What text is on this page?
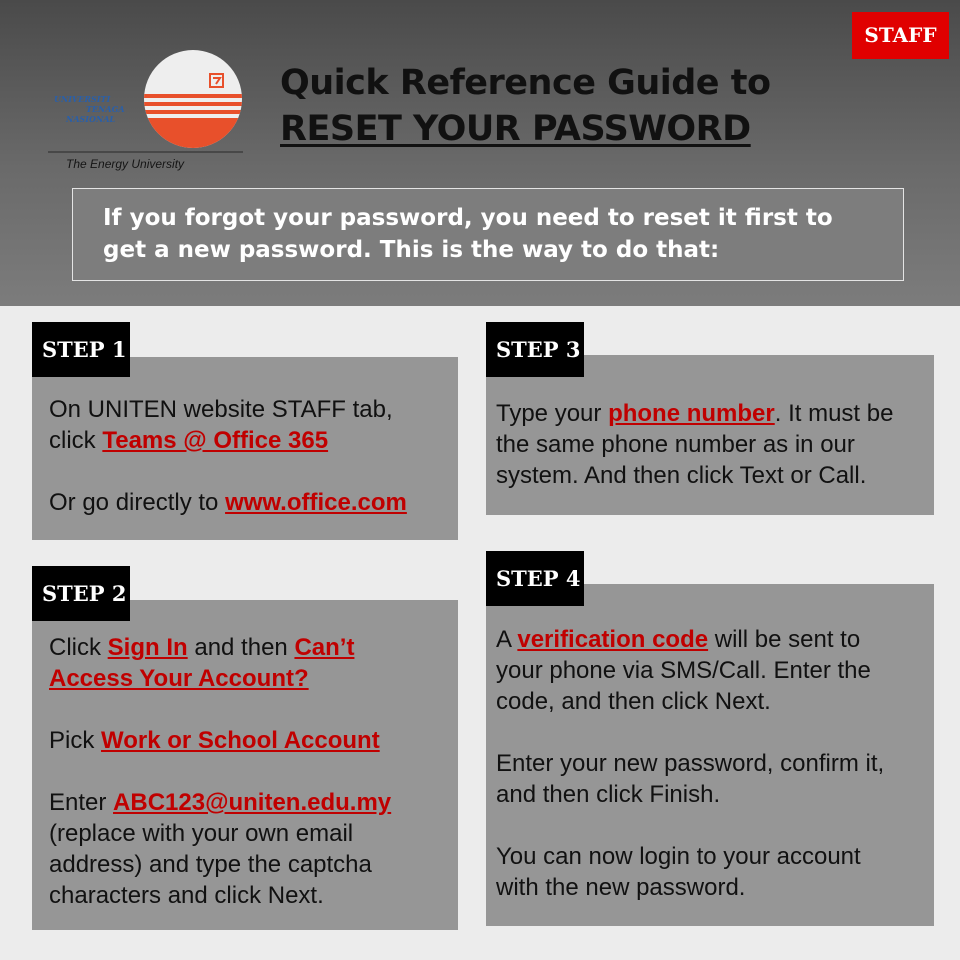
STAFF
UNIVERSITI
TENAGA
NASIONAL
The Energy University
Quick Reference Guide to
RESET YOUR PASSWORD
If you forgot your password, you need to reset it first to get a new password. This is the way to do that:

On UNITEN website STAFF tab, click Teams @ Office 365

Or go directly to www.office.com

STEP 1

Click Sign In and then Can’t Access Your Account?

Pick Work or School Account

Enter ABC123@uniten.edu.my (replace with your own email address) and type the captcha characters and click Next.

STEP 2

Type your phone number. It must be the same phone number as in our system. And then click Text or Call.

STEP 3

A verification code will be sent to your phone via SMS/Call. Enter the code, and then click Next.

Enter your new password, confirm it, and then click Finish.

You can now login to your account with the new password.

STEP 4
